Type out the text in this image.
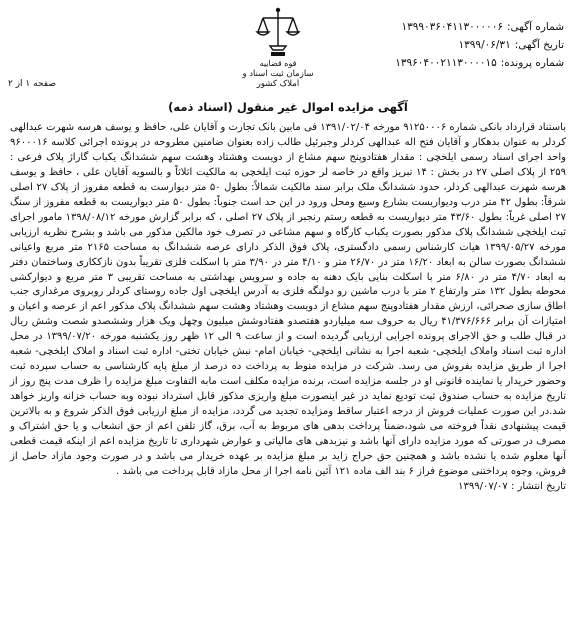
شماره آگهی:۱۳۹۹۰۳۶۰۴۱۱۳۰۰۰۰۰۶
تاریخ آگهی:۱۳۹۹/۰۶/۳۱
شماره پرونده:۱۳۹۶۰۴۰۰۲۱۱۳۰۰۰۰۱۵
قوه قضاییه
سازمان ثبت اسناد و املاک کشور
صفحه ۱ از ۲
آگهی مزایده اموال غیر منقول (اسناد ذمه)

باستناد قرارداد بانکی شماره ۹۱۲۵۰۰۰۶ مورخه ۱۳۹۱/۰۲/۰۴ فی مابین بانک تجارت و آقایان علی، حافظ و یوسف هرسه شهرت عبدالهی کردلر به عنوان بدهکار و آقایان فتح اله عبدالهی کردلر وجبرئیل طالب زاده بعنوان ضامنین مطروحه در پرونده اجرائی کلاسه ۹۶۰۰۰۱۶ واحد اجرای اسناد رسمی ایلخچی : مقدار هفتادوپنج سهم مشاع از دویست وهشتاد وهشت سهم ششدانگ یکباب گاراژ پلاک فرعی : ۲۵۹ از پلاک اصلی ۲۷ در بخش : ۱۴ تبریز واقع در خاصه لر حوزه ثبت ایلخچی به مالکیت اثلاثاً و بالسویه آقایان علی ، حافظ و یوسف هرسه شهرت عبدالهی کردلر، حدود ششدانگ ملک برابر سند مالکیت شمالاً: بطول ۵۰ متر دیوارست به قطعه مفروز از پلاک ۲۷ اصلی شرقاً: بطول ۴۲ متر درب ودیواریست بشارع وسیع ومحل ورود در این حد است جنوباً: بطول ۵۰ متر دیواریست به قطعه مفروز از سنگ ۲۷ اصلی غرباً: بطول ۴۳/۶۰ متر دیواریست به قطعه رستم رنجبر از پلاک ۲۷ اصلی ، که برابر گزارش مورخه ۱۳۹۸/۰۸/۱۲ مامور اجرای ثبت ایلخچی ششدانگ پلاک مذکور بصورت یکباب کارگاه و سهم مشاعی در تصرف خود مالکین مذکور می باشد و بشرح نظریه ارزیابی مورخه ۱۳۹۹/۰۵/۲۷ هیات کارشناس رسمی دادگستری، پلاک فوق الذکر دارای عرصه ششدانگ به مساحت ۲۱۶۵ متر مربع واعیانی ششدانگ بصورت سالن به ابعاد ۱۶/۲۰ متر در ۲۶/۷۰ متر و ۴/۱۰ متر در ۳/۹۰ متر با اسکلت فلزی تقریباً بدون نازککاری وساختمان دفتر به ابعاد ۴/۷۰ متر در ۶/۸۰ متر با اسکلت بنایی بایک دهنه به جاده و سرویس بهداشتی به مساحت تقریبی ۳ متر مربع و دیوارکشی محوطه بطول ۱۳۲ متر وارتفاع ۲ متر با درب ماشین رو دولنگه فلزی به آدرس ایلخچی اول جاده روستای کردلر روبروی مرغداری جنب اطاق سازی صحرائی، ارزش مقدار هفتادوپنج سهم مشاع از دویست وهشتاد وهشت سهم ششدانگ پلاک مذکور اعم از عرصه و اعیان و امتیازات آن برابر ۴۱/۳۷۶/۶۶۶ ریال به حروف سه میلیاردو هفتصدو هفتادوشش میلیون وچهل ویک هزار وششصدو شصت وشش ریال در قبال طلب و حق الاجرای پرونده اجرایی ارزیابی گردیده است و از ساعت ۹ الی ۱۲ ظهر روز یکشنبه مورخه ۱۳۹۹/۰۷/۲۰ در محل اداره ثبت اسناد واملاک ایلخچی- شعبه اجرا به نشانی ایلخچی- خیابان امام- نبش خیابان تختی- اداره ثبت اسناد و املاک ایلخچی- شعبه اجرا از طریق مزایده بفروش می رسد. شرکت در مزایده منوط به پرداخت ده درصد از مبلغ پایه کارشناسی به حساب سپرده ثبت وحضور خریدار یا نماینده قانونی او در جلسه مزایده است، برنده مزایده مکلف است مابه التفاوت مبلغ مزایده را ظرف مدت پنج روز از تاریخ مزایده به حساب صندوق ثبت تودیع نماید در غیر اینصورت مبلغ واریزی مذکور قابل استرداد نبوده وبه حساب خزانه واریز خواهد شد.در این صورت عملیات فروش از درجه اعتبار ساقط ومزایده تجدید می گردد، مزایده از مبلغ ارزیابی فوق الذکر شروع و به بالاترین قیمت پیشنهادی نقداً فروخته می شود،ضمناً پرداخت بدهی های مربوط به آب، برق، گاز تلفن اعم از حق انشعاب و یا حق اشتراک و مصرف در صورتی که مورد مزایده دارای آنها باشد و نیزبدهی های مالیاتی و عوارض شهرداری تا تاریخ مزایده اعم از اینکه قیمت قطعی آنها معلوم شده یا نشده باشد و همچنین حق حراج زاید بر مبلغ مزایده بر عهده خریدار می باشد و در صورت وجود مازاد حاصل از فروش، وجوه پرداختنی موضوع فراز ۶ بند الف ماده ۱۲۱ آئین نامه اجرا از محل مازاد قابل پرداخت می باشد .

تاریخ انتشار : ۱۳۹۹/۰۷/۰۷
